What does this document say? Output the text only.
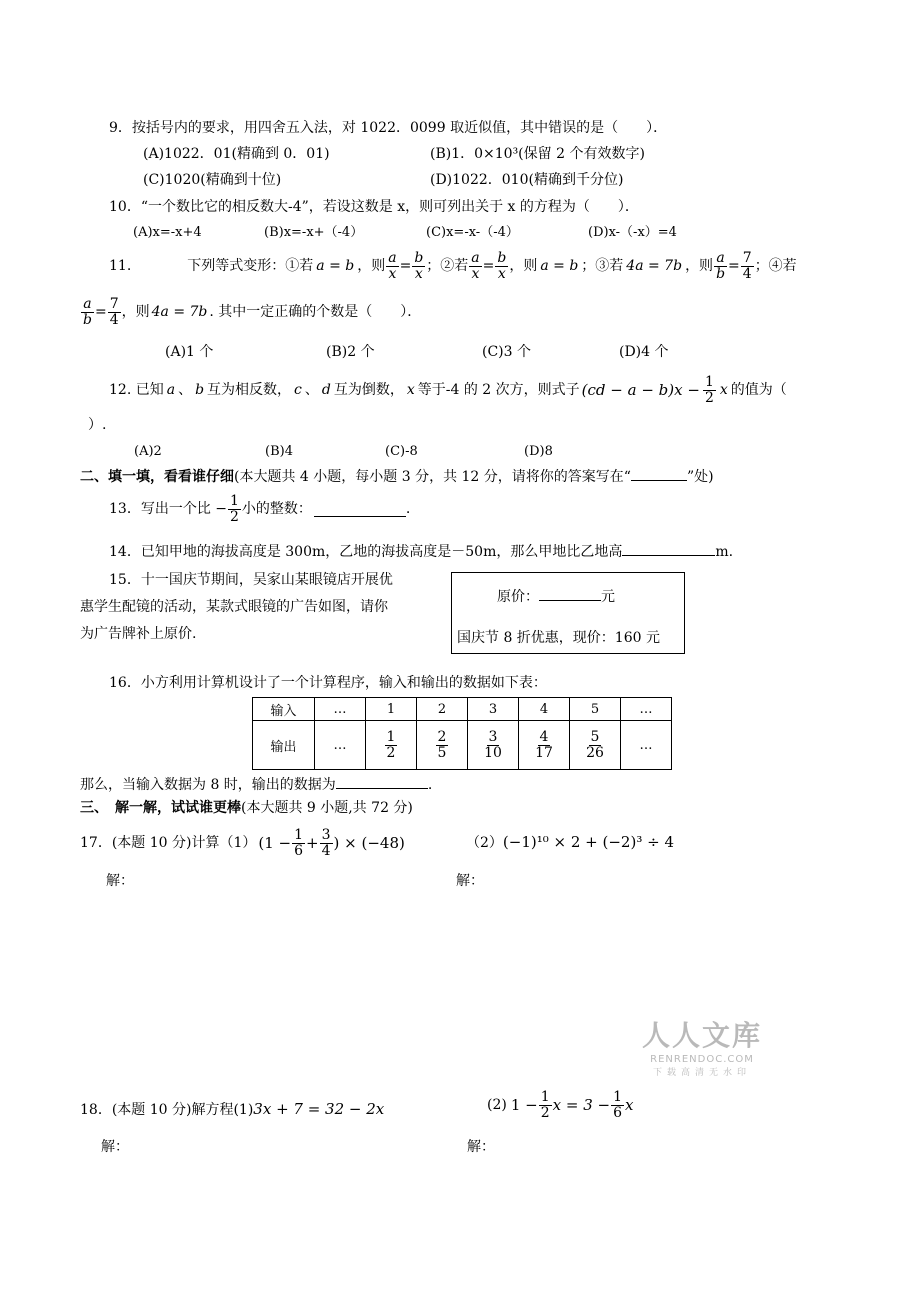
9．按括号内的要求，用四舍五入法，对 1022．0099 取近似值，其中错误的是（　　）．
(A)1022．01(精确到 0．01)	(B)1．0×10³(保留 2 个有效数字)
(C)1020(精确到十位)	(D)1022．010(精确到千分位)
10．“一个数比它的相反数大-4”，若设这数是 x，则可列出关于 x 的方程为（　　）．
(A)x=-x+4	(B)x=-x+（-4）	(C)x=-x-（-4）	(D)x-（-x）=4
11.	下列等式变形：①若 a = b ，则 $\frac{a}{x} = \frac{b}{x}$ ；②若 $\frac{a}{x} = \frac{b}{x}$ ，则 a = b ；③若 4a = 7b ，则 $\frac{a}{b} = \frac{7}{4}$ ；④若
$\frac{a}{b} = \frac{7}{4}$ ，则 4a = 7b . 其中一定正确的个数是（　　）．
(A)1 个	(B)2 个	(C)3 个	(D)4 个
12. 已知 a 、 b 互为相反数， c 、 d 互为倒数， x 等于-4 的 2 次方，则式子 $(cd - a - b)x - \frac{1}{2}$ x 的值为（
）.
(A)2	(B)4	(C)-8	(D)8
二、填一填，看看谁仔细(本大题共 4 小题，每小题 3 分，共 12 分，请将你的答案写在“	”处)
13．写出一个比 − $\frac{1}{2}$ 小的整数：	.
14．已知甲地的海拔高度是 300m，乙地的海拔高度是－50m，那么甲地比乙地高	m.
15．十一国庆节期间，吴家山某眼镜店开展优
惠学生配镜的活动，某款式眼镜的广告如图，请你
为广告牌补上原价.
原价：	元
国庆节 8 折优惠，现价：160 元
16．小方利用计算机设计了一个计算程序，输入和输出的数据如下表：
输入	…	1	2	3	4	5	…
输出	…	$\frac{1}{2}$	$\frac{2}{5}$	$\frac{3}{10}$	$\frac{4}{17}$	$\frac{5}{26}$	…
那么，当输入数据为 8 时，输出的数据为	.
三、　解一解，试试谁更棒(本大题共 9 小题,共 72 分)
17．(本题 10 分)计算（1） ($1 - \frac{1}{6} + \frac{3}{4}$ ) × (−48)	（2）(−1)¹⁰ × 2 + (−2)³ ÷ 4
解：	解：
人人文库
RENRENDOC.COM
下载高清无水印
18．(本题 10 分)解方程(1)3x + 7 = 32 − 2x	(2) $1 - \frac{1}{2}$ $x = 3 - \frac{1}{6}$ x
解：	解：
